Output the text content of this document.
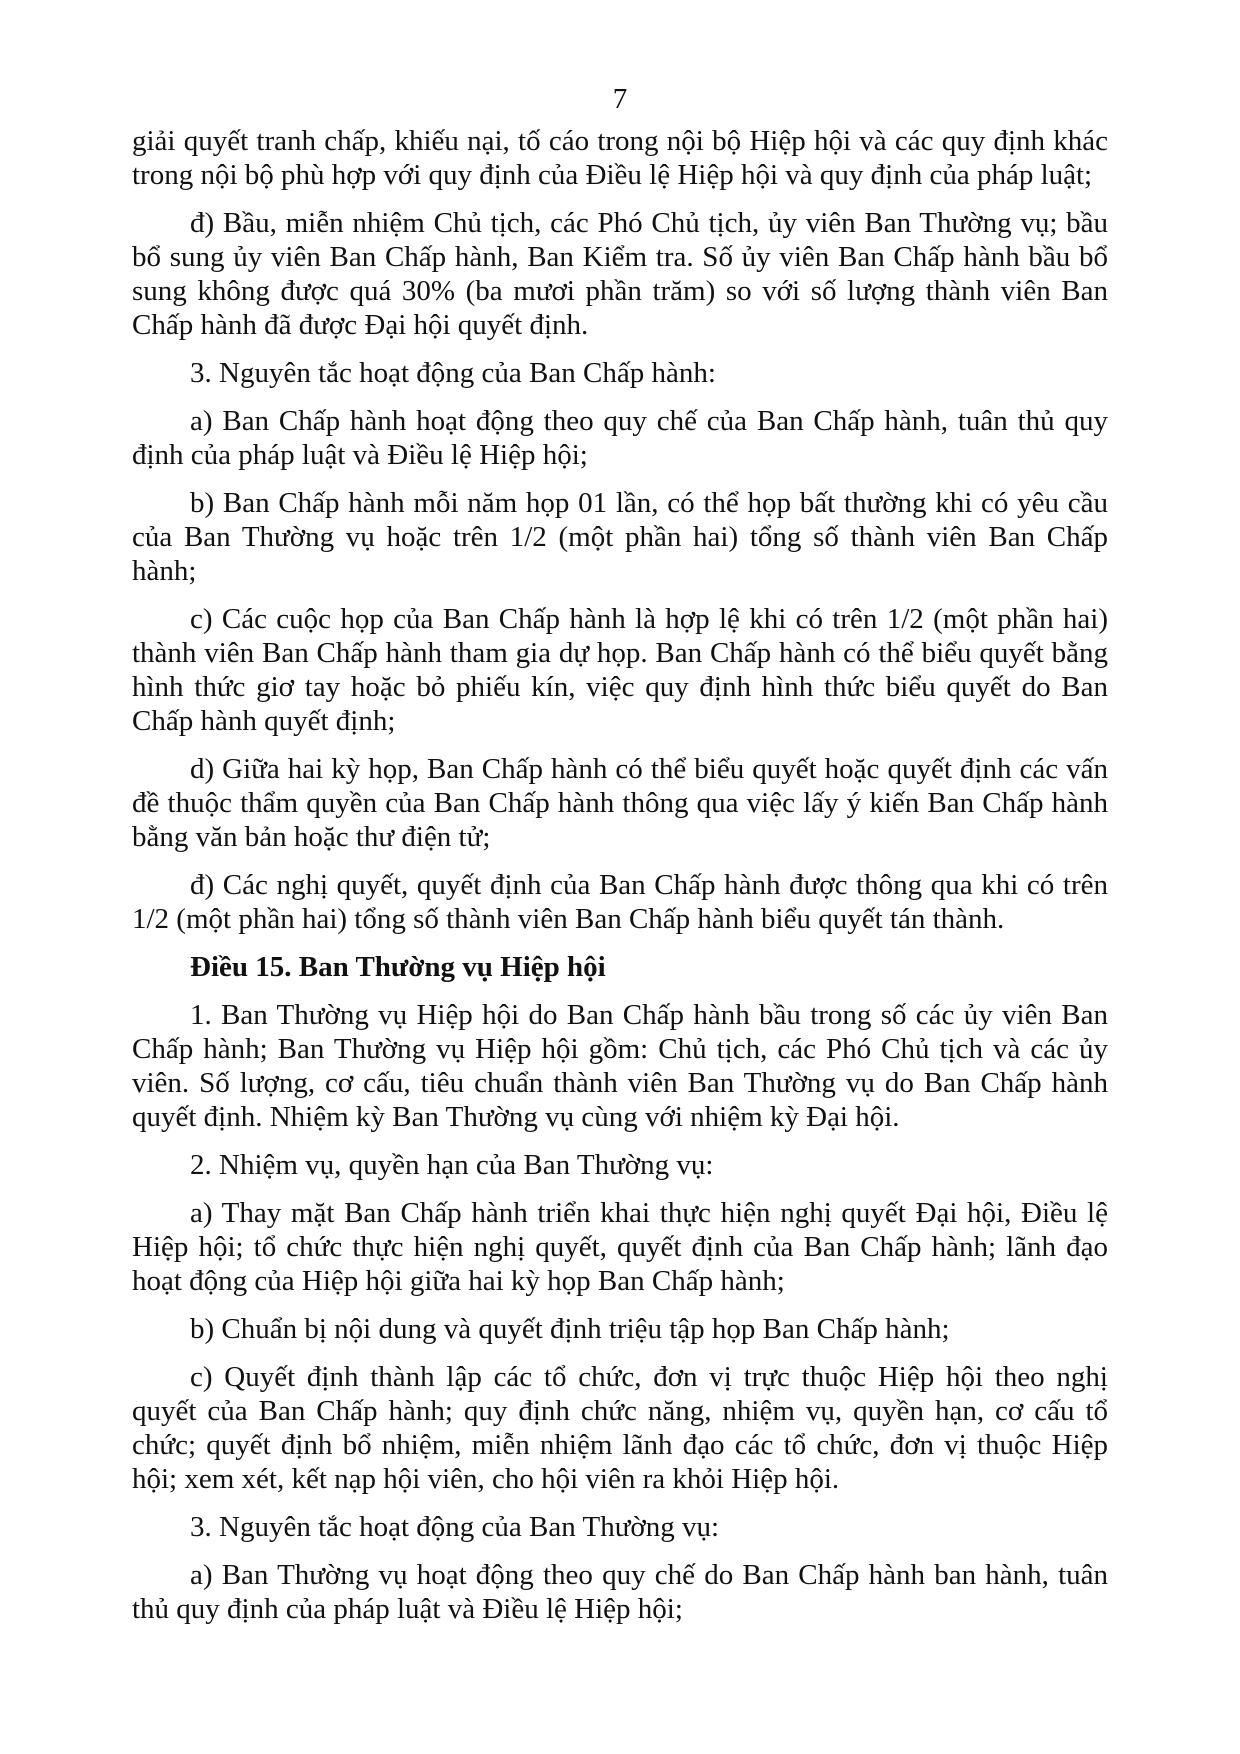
7

giải quyết tranh chấp, khiếu nại, tố cáo trong nội bộ Hiệp hội và các quy định khác trong nội bộ phù hợp với quy định của Điều lệ Hiệp hội và quy định của pháp luật;

đ) Bầu, miễn nhiệm Chủ tịch, các Phó Chủ tịch, ủy viên Ban Thường vụ; bầu bổ sung ủy viên Ban Chấp hành, Ban Kiểm tra. Số ủy viên Ban Chấp hành bầu bổ sung không được quá 30% (ba mươi phần trăm) so với số lượng thành viên Ban Chấp hành đã được Đại hội quyết định.

3. Nguyên tắc hoạt động của Ban Chấp hành:

a) Ban Chấp hành hoạt động theo quy chế của Ban Chấp hành, tuân thủ quy định của pháp luật và Điều lệ Hiệp hội;

b) Ban Chấp hành mỗi năm họp 01 lần, có thể họp bất thường khi có yêu cầu của Ban Thường vụ hoặc trên 1/2 (một phần hai) tổng số thành viên Ban Chấp hành;

c) Các cuộc họp của Ban Chấp hành là hợp lệ khi có trên 1/2 (một phần hai) thành viên Ban Chấp hành tham gia dự họp. Ban Chấp hành có thể biểu quyết bằng hình thức giơ tay hoặc bỏ phiếu kín, việc quy định hình thức biểu quyết do Ban Chấp hành quyết định;

d) Giữa hai kỳ họp, Ban Chấp hành có thể biểu quyết hoặc quyết định các vấn đề thuộc thẩm quyền của Ban Chấp hành thông qua việc lấy ý kiến Ban Chấp hành bằng văn bản hoặc thư điện tử;

đ) Các nghị quyết, quyết định của Ban Chấp hành được thông qua khi có trên 1/2 (một phần hai) tổng số thành viên Ban Chấp hành biểu quyết tán thành.

Điều 15. Ban Thường vụ Hiệp hội

1. Ban Thường vụ Hiệp hội do Ban Chấp hành bầu trong số các ủy viên Ban Chấp hành; Ban Thường vụ Hiệp hội gồm: Chủ tịch, các Phó Chủ tịch và các ủy viên. Số lượng, cơ cấu, tiêu chuẩn thành viên Ban Thường vụ do Ban Chấp hành quyết định. Nhiệm kỳ Ban Thường vụ cùng với nhiệm kỳ Đại hội.

2. Nhiệm vụ, quyền hạn của Ban Thường vụ:

a) Thay mặt Ban Chấp hành triển khai thực hiện nghị quyết Đại hội, Điều lệ Hiệp hội; tổ chức thực hiện nghị quyết, quyết định của Ban Chấp hành; lãnh đạo hoạt động của Hiệp hội giữa hai kỳ họp Ban Chấp hành;

b) Chuẩn bị nội dung và quyết định triệu tập họp Ban Chấp hành;

c) Quyết định thành lập các tổ chức, đơn vị trực thuộc Hiệp hội theo nghị quyết của Ban Chấp hành; quy định chức năng, nhiệm vụ, quyền hạn, cơ cấu tổ chức; quyết định bổ nhiệm, miễn nhiệm lãnh đạo các tổ chức, đơn vị thuộc Hiệp hội; xem xét, kết nạp hội viên, cho hội viên ra khỏi Hiệp hội.

3. Nguyên tắc hoạt động của Ban Thường vụ:

a) Ban Thường vụ hoạt động theo quy chế do Ban Chấp hành ban hành, tuân thủ quy định của pháp luật và Điều lệ Hiệp hội;
